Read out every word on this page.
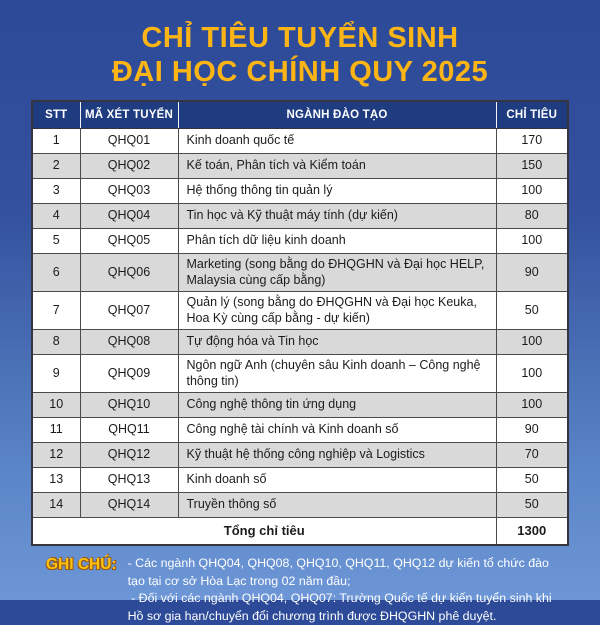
CHỈ TIÊU TUYỂN SINH
ĐẠI HỌC CHÍNH QUY 2025
STT	MÃ XÉT TUYỂN	NGÀNH ĐÀO TẠO	CHỈ TIÊU
1	QHQ01	Kinh doanh quốc tế	170
2	QHQ02	Kế toán, Phân tích và Kiểm toán	150
3	QHQ03	Hệ thống thông tin quản lý	100
4	QHQ04	Tin học và Kỹ thuật máy tính (dự kiến)	80
5	QHQ05	Phân tích dữ liệu kinh doanh	100
6	QHQ06	Marketing (song bằng do ĐHQGHN và Đại học HELP, Malaysia cùng cấp bằng)	90
7	QHQ07	Quản lý (song bằng do ĐHQGHN và Đại học Keuka, Hoa Kỳ cùng cấp bằng - dự kiến)	50
8	QHQ08	Tự động hóa và Tin học	100
9	QHQ09	Ngôn ngữ Anh (chuyên sâu Kinh doanh – Công nghệ thông tin)	100
10	QHQ10	Công nghệ thông tin ứng dụng	100
11	QHQ11	Công nghệ tài chính và Kinh doanh số	90
12	QHQ12	Kỹ thuật hệ thống công nghiệp và Logistics	70
13	QHQ13	Kinh doanh số	50
14	QHQ14	Truyền thông số	50
Tổng chỉ tiêu			1300
GHI CHÚ: - Các ngành QHQ04, QHQ08, QHQ10, QHQ11, QHQ12 dự kiến tổ chức đào tạo tại cơ sở Hòa Lạc trong 02 năm đầu;

- Đối với các ngành QHQ04, QHQ07: Trường Quốc tế dự kiến tuyển sinh khi Hồ sơ gia hạn/chuyển đổi chương trình được ĐHQGHN phê duyệt.
